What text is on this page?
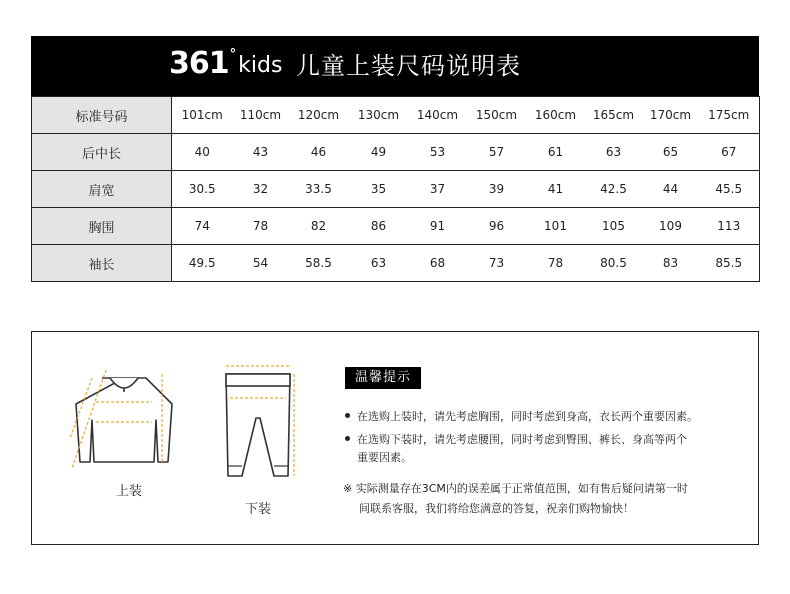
361 ° kids 儿童上装尺码说明表
标准号码	101cm	110cm	120cm	130cm	140cm	150cm	160cm	165cm	170cm	175cm
后中长	40	43	46	49	53	57	61	63	65	67
肩宽	30.5	32	33.5	35	37	39	41	42.5	44	45.5
胸围	74	78	82	86	91	96	101	105	109	113
袖长	49.5	54	58.5	63	68	73	78	80.5	83	85.5
上装
下装
温馨提示
在选购上装时，请先考虑胸围，同时考虑到身高，衣长两个重要因素。
在选购下装时，请先考虑腰围，同时考虑到臀围、裤长、身高等两个
重要因素。
※ 实际测量存在3CM内的误差属于正常值范围，如有售后疑问请第一时
间联系客服，我们将给您满意的答复，祝亲们购物愉快！
